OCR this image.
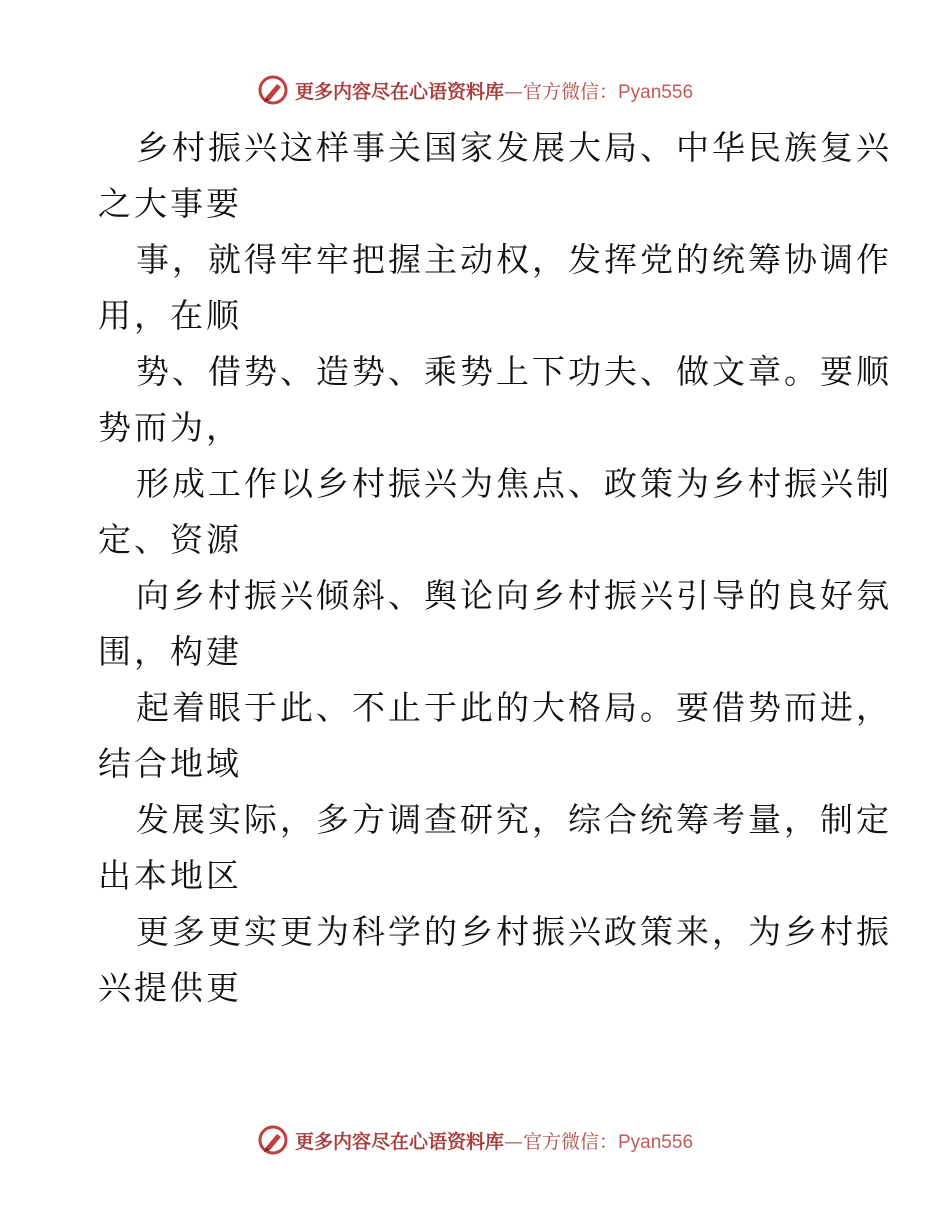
更多内容尽在心语资料库—官方微信：Pyan556

乡村振兴这样事关国家发展大局、中华民族复兴
之大事要

事，就得牢牢把握主动权，发挥党的统筹协调作
用，在顺

势、借势、造势、乘势上下功夫、做文章。要顺
势而为，

形成工作以乡村振兴为焦点、政策为乡村振兴制
定、资源

向乡村振兴倾斜、舆论向乡村振兴引导的良好氛
围，构建

起着眼于此、不止于此的大格局。要借势而进，
结合地域

发展实际，多方调查研究，综合统筹考量，制定
出本地区

更多更实更为科学的乡村振兴政策来，为乡村振
兴提供更

更多内容尽在心语资料库—官方微信：Pyan556
